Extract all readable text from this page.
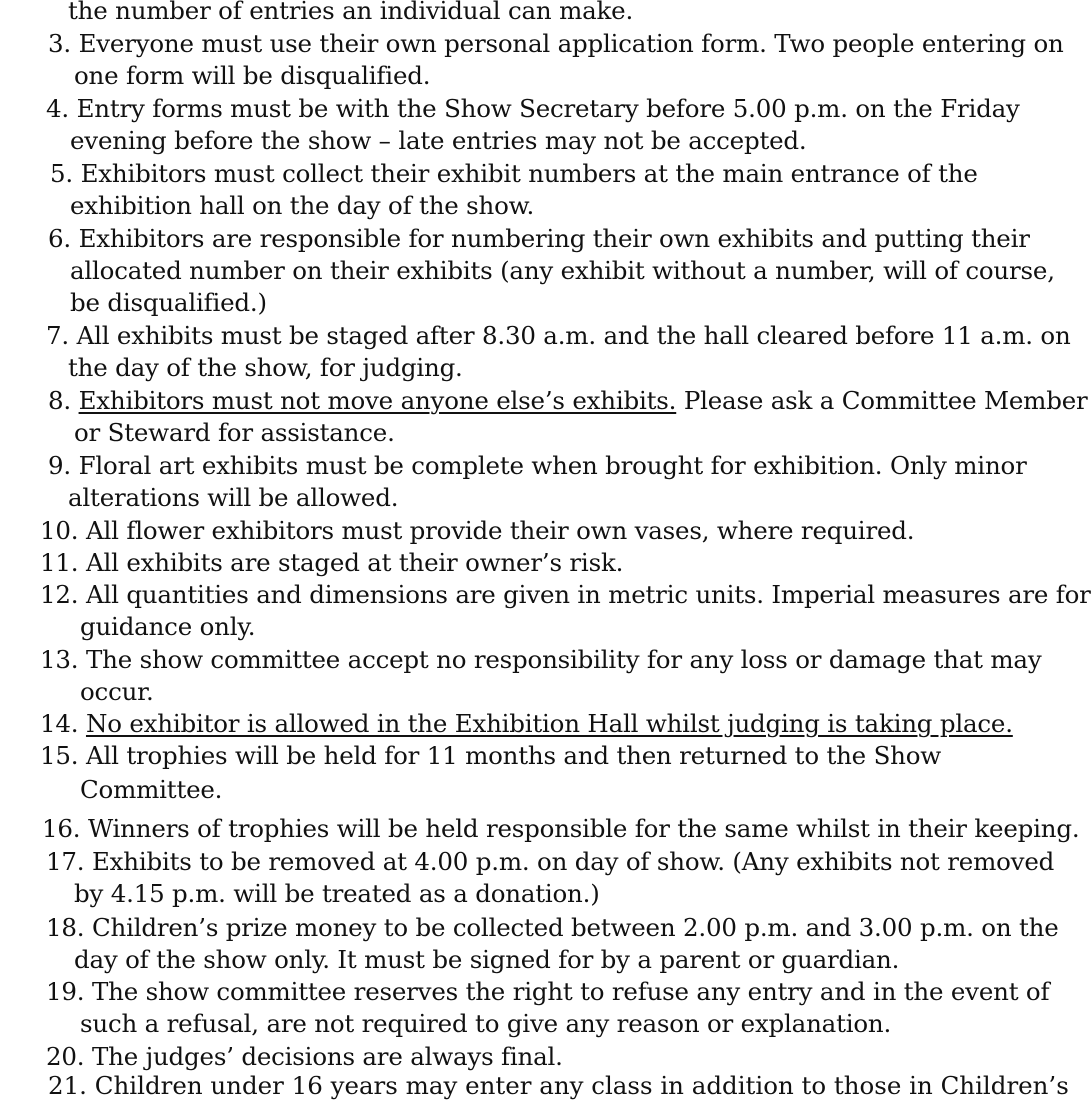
the number of entries an individual can make.
3. Everyone must use their own personal application form. Two people entering on
one form will be disqualified.
4. Entry forms must be with the Show Secretary before 5.00 p.m. on the Friday
evening before the show – late entries may not be accepted.
5. Exhibitors must collect their exhibit numbers at the main entrance of the
exhibition hall on the day of the show.
6. Exhibitors are responsible for numbering their own exhibits and putting their
allocated number on their exhibits (any exhibit without a number, will of course,
be disqualified.)
7. All exhibits must be staged after 8.30 a.m. and the hall cleared before 11 a.m. on
the day of the show, for judging.
8. Exhibitors must not move anyone else’s exhibits. Please ask a Committee Member
or Steward for assistance.
9. Floral art exhibits must be complete when brought for exhibition. Only minor
alterations will be allowed.
10. All flower exhibitors must provide their own vases, where required.
11. All exhibits are staged at their owner’s risk.
12. All quantities and dimensions are given in metric units. Imperial measures are for
guidance only.
13. The show committee accept no responsibility for any loss or damage that may
occur.
14. No exhibitor is allowed in the Exhibition Hall whilst judging is taking place.
15. All trophies will be held for 11 months and then returned to the Show
Committee.
16. Winners of trophies will be held responsible for the same whilst in their keeping.
17. Exhibits to be removed at 4.00 p.m. on day of show. (Any exhibits not removed
by 4.15 p.m. will be treated as a donation.)
18. Children’s prize money to be collected between 2.00 p.m. and 3.00 p.m. on the
day of the show only. It must be signed for by a parent or guardian.
19. The show committee reserves the right to refuse any entry and in the event of
such a refusal, are not required to give any reason or explanation.
20. The judges’ decisions are always final.
21. Children under 16 years may enter any class in addition to those in Children’s
